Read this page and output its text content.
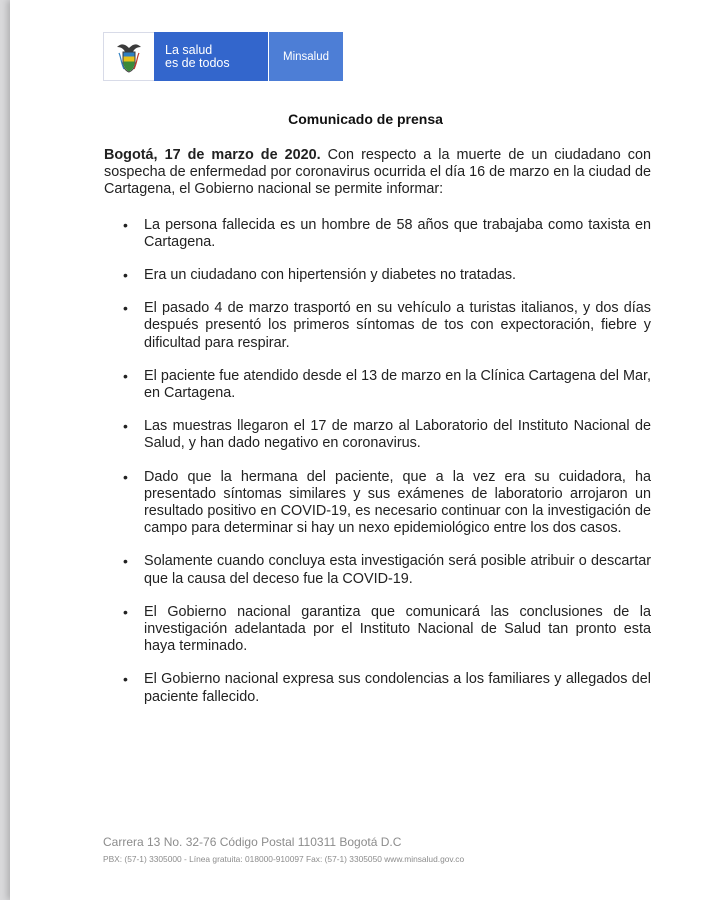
La salud
es de todos	Minsalud
Comunicado de prensa

Bogotá, 17 de marzo de 2020. Con respecto a la muerte de un ciudadano con sospecha de enfermedad por coronavirus ocurrida el día 16 de marzo en la ciudad de Cartagena, el Gobierno nacional se permite informar:

• La persona fallecida es un hombre de 58 años que trabajaba como taxista en Cartagena.
• Era un ciudadano con hipertensión y diabetes no tratadas.
• El pasado 4 de marzo trasportó en su vehículo a turistas italianos, y dos días después presentó los primeros síntomas de tos con expectoración, fiebre y dificultad para respirar.
• El paciente fue atendido desde el 13 de marzo en la Clínica Cartagena del Mar, en Cartagena.
• Las muestras llegaron el 17 de marzo al Laboratorio del Instituto Nacional de Salud, y han dado negativo en coronavirus.
• Dado que la hermana del paciente, que a la vez era su cuidadora, ha presentado síntomas similares y sus exámenes de laboratorio arrojaron un resultado positivo en COVID-19, es necesario continuar con la investigación de campo para determinar si hay un nexo epidemiológico entre los dos casos.
• Solamente cuando concluya esta investigación será posible atribuir o descartar que la causa del deceso fue la COVID-19.
• El Gobierno nacional garantiza que comunicará las conclusiones de la investigación adelantada por el Instituto Nacional de Salud tan pronto esta haya terminado.
• El Gobierno nacional expresa sus condolencias a los familiares y allegados del paciente fallecido.
Carrera 13 No. 32-76 Código Postal 110311 Bogotá D.C
PBX: (57-1) 3305000 - Línea gratuita: 018000-910097 Fax: (57-1) 3305050 www.minsalud.gov.co
